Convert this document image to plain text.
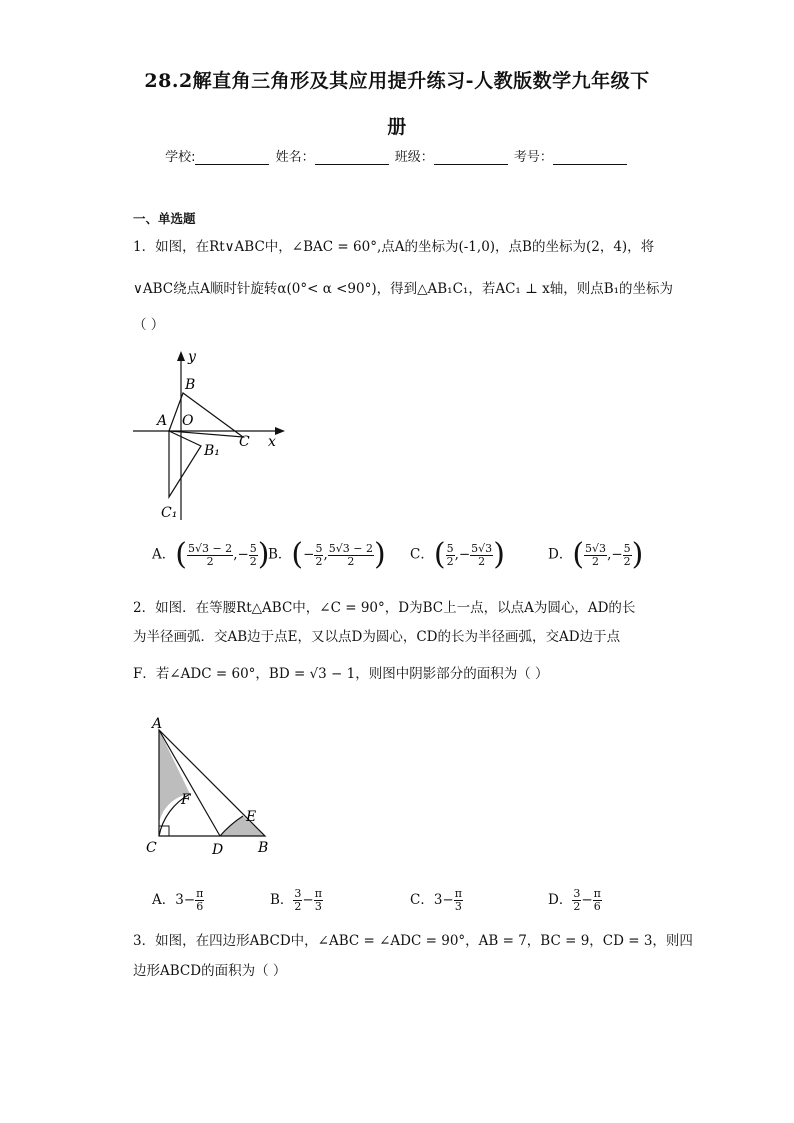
28.2解直角三角形及其应用提升练习-人教版数学九年级下
册
学校:	姓名：	班级：	考号：
一、单选题
1．如图，在Rt∨ABC中，∠BAC = 60°,点A的坐标为(-1,0)，点B的坐标为(2，4)，将
∨ABC绕点A顺时针旋转α(0°< α <90°)，得到△AB₁C₁，若AC₁ ⊥ x轴，则点B₁的坐标为
（ ）
y
B
A O
C x
B₁
C₁
A．( $\frac{5√3 - 2}{2}$ ,− $\frac{5}{2}$ )
B．(− $\frac{5}{2}$ , $\frac{5√3 - 2}{2}$ ) C．( $\frac{5}{2}$ ,− $\frac{5√3}{2}$ )	D．( $\frac{5√3}{2}$ ,− $\frac{5}{2}$ )
2．如图．在等腰Rt△ABC中，∠C = 90°，D为BC上一点，以点A为圆心，AD的长
为半径画弧．交AB边于点E，又以点D为圆心，CD的长为半径画弧，交AD边于点
F．若∠ADC = 60°，BD = √3 − 1，则图中阴影部分的面积为（ ）
A
F
E
C	D B
A．$3- \frac{\pi}{6}$	B． $\frac{3}{2} - \frac{\pi}{3}$	C．$3- \frac{\pi}{3}$	D． $\frac{3}{2} - \frac{\pi}{6}$
3．如图，在四边形ABCD中，∠ABC = ∠ADC = 90°，AB = 7，BC = 9，CD = 3，则四
边形ABCD的面积为（ ）
